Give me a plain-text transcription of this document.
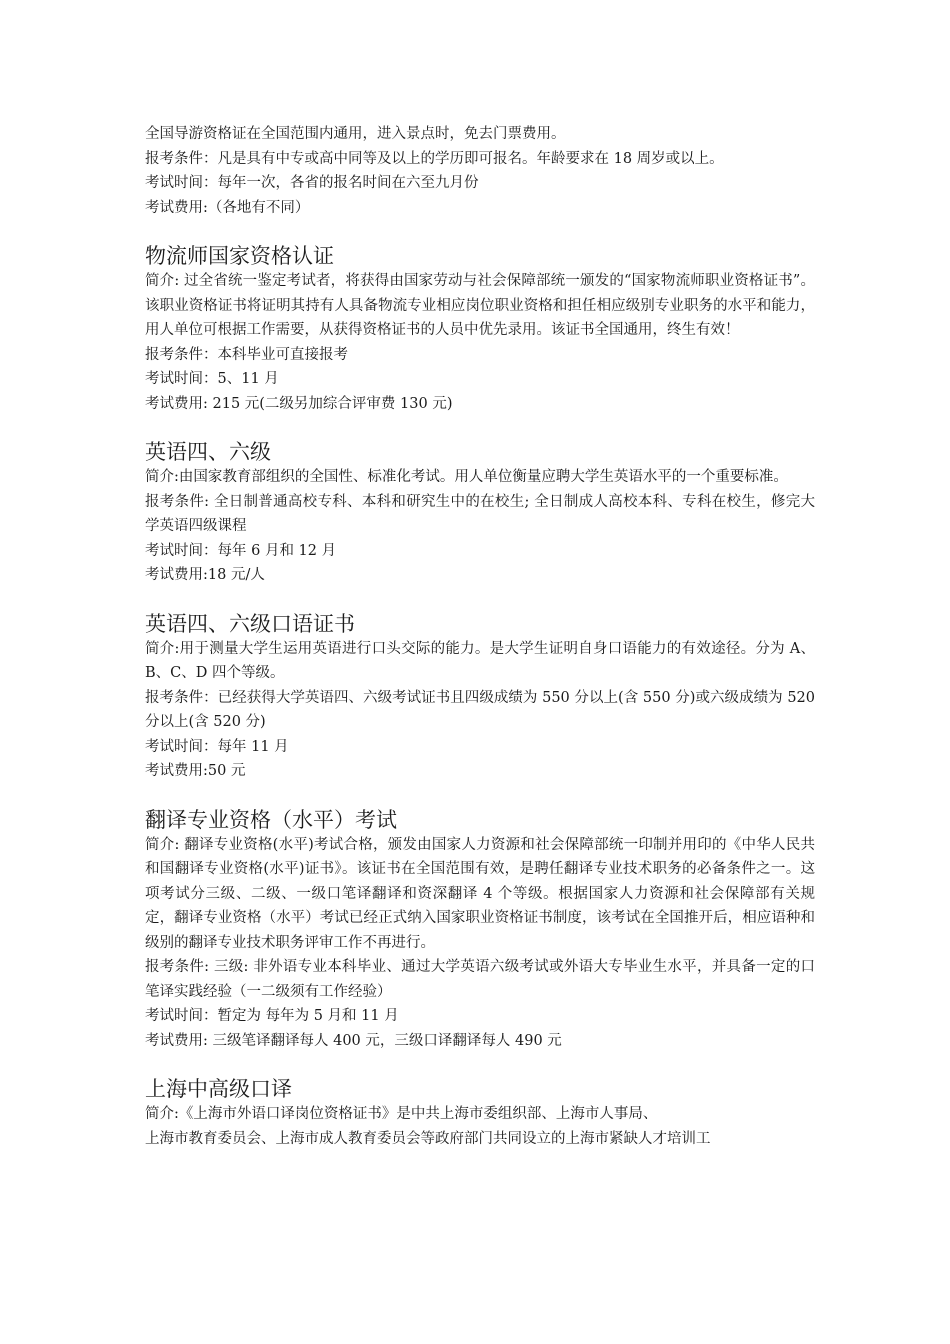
全国导游资格证在全国范围内通用，进入景点时，免去门票费用。
报考条件：凡是具有中专或高中同等及以上的学历即可报名。年龄要求在 18 周岁或以上。
考试时间：每年一次，各省的报名时间在六至九月份
考试费用:（各地有不同）
物流师国家资格认证
简介: 过全省统一鉴定考试者，将获得由国家劳动与社会保障部统一颁发的“国家物流师职业资格证书”。该职业资格证书将证明其持有人具备物流专业相应岗位职业资格和担任相应级别专业职务的水平和能力，用人单位可根据工作需要，从获得资格证书的人员中优先录用。该证书全国通用，终生有效！
报考条件：本科毕业可直接报考
考试时间：5、11 月
考试费用: 215 元(二级另加综合评审费 130 元)
英语四、六级
简介:由国家教育部组织的全国性、标准化考试。用人单位衡量应聘大学生英语水平的一个重要标准。
报考条件: 全日制普通高校专科、本科和研究生中的在校生; 全日制成人高校本科、专科在校生，修完大学英语四级课程
考试时间：每年 6 月和 12 月
考试费用:18 元/人
英语四、六级口语证书
简介:用于测量大学生运用英语进行口头交际的能力。是大学生证明自身口语能力的有效途径。分为 A、B、C、D 四个等级。
报考条件：已经获得大学英语四、六级考试证书且四级成绩为 550 分以上(含 550 分)或六级成绩为 520 分以上(含 520 分)
考试时间：每年 11 月
考试费用:50 元
翻译专业资格（水平）考试
简介: 翻译专业资格(水平)考试合格，颁发由国家人力资源和社会保障部统一印制并用印的《中华人民共和国翻译专业资格(水平)证书》。该证书在全国范围有效，是聘任翻译专业技术职务的必备条件之一。这项考试分三级、二级、一级口笔译翻译和资深翻译 4 个等级。根据国家人力资源和社会保障部有关规定，翻译专业资格（水平）考试已经正式纳入国家职业资格证书制度，该考试在全国推开后，相应语种和级别的翻译专业技术职务评审工作不再进行。
报考条件: 三级: 非外语专业本科毕业、通过大学英语六级考试或外语大专毕业生水平，并具备一定的口笔译实践经验（一二级须有工作经验）
考试时间：暂定为 每年为 5 月和 11 月
考试费用: 三级笔译翻译每人 400 元，三级口译翻译每人 490 元
上海中高级口译
简介:《上海市外语口译岗位资格证书》是中共上海市委组织部、上海市人事局、
上海市教育委员会、上海市成人教育委员会等政府部门共同设立的上海市紧缺人才培训工
